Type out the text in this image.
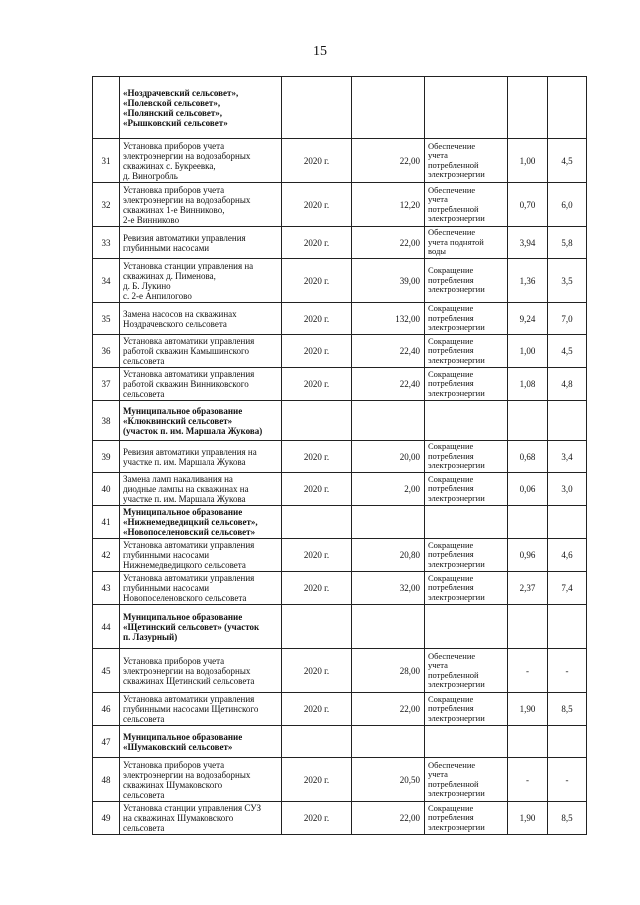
15
	«Ноздрачевский сельсовет»,
«Полевской сельсовет»,
«Полянский сельсовет»,
«Рышковский сельсовет»					
31	Установка приборов учета
электроэнергии на водозаборных
скважинах с. Букреевка,
д. Виногробль	2020 г.	22,00	Обеспечение
учета
потребленной
электроэнергии	1,00	4,5
32	Установка приборов учета
электроэнергии на водозаборных
скважинах 1-е Винниково,
2-е Винниково	2020 г.	12,20	Обеспечение
учета
потребленной
электроэнергии	0,70	6,0
33	Ревизия автоматики управления
глубинными насосами	2020 г.	22,00	Обеспечение
учета поднятой
воды	3,94	5,8
34	Установка станции управления на
скважинах д. Пименова,
д. Б. Лукино
с. 2-е Анпилогово	2020 г.	39,00	Сокращение
потребления
электроэнергии	1,36	3,5
35	Замена насосов на скважинах
Ноздрачевского сельсовета	2020 г.	132,00	Сокращение
потребления
электроэнергии	9,24	7,0
36	Установка автоматики управления
работой скважин Камышинского
сельсовета	2020 г.	22,40	Сокращение
потребления
электроэнергии	1,00	4,5
37	Установка автоматики управления
работой скважин Винниковского
сельсовета	2020 г.	22,40	Сокращение
потребления
электроэнергии	1,08	4,8
38	Муниципальное образование
«Клюквинский сельсовет»
(участок п. им. Маршала Жукова)					
39	Ревизия автоматики управления на
участке п. им. Маршала Жукова	2020 г.	20,00	Сокращение
потребления
электроэнергии	0,68	3,4
40	Замена ламп накаливания на
диодные лампы на скважинах на
участке п. им. Маршала Жукова	2020 г.	2,00	Сокращение
потребления
электроэнергии	0,06	3,0
41	Муниципальное образование
«Нижнемедведицкий сельсовет»,
«Новопоселеновский сельсовет»					
42	Установка автоматики управления
глубинными насосами
Нижнемедведицкого сельсовета	2020 г.	20,80	Сокращение
потребления
электроэнергии	0,96	4,6
43	Установка автоматики управления
глубинными насосами
Новопоселеновского сельсовета	2020 г.	32,00	Сокращение
потребления
электроэнергии	2,37	7,4
44	Муниципальное образование
«Щетинский сельсовет» (участок
п. Лазурный)					
45	Установка приборов учета
электроэнергии на водозаборных
скважинах Щетинский сельсовета	2020 г.	28,00	Обеспечение
учета
потребленной
электроэнергии	-	-
46	Установка автоматики управления
глубинными насосами Щетинского
сельсовета	2020 г.	22,00	Сокращение
потребления
электроэнергии	1,90	8,5
47	Муниципальное образование
«Шумаковский сельсовет»					
48	Установка приборов учета
электроэнергии на водозаборных
скважинах Шумаковского
сельсовета	2020 г.	20,50	Обеспечение
учета
потребленной
электроэнергии	-	-
49	Установка станции управления СУЗ
на скважинах Шумаковского
сельсовета	2020 г.	22,00	Сокращение
потребления
электроэнергии	1,90	8,5
